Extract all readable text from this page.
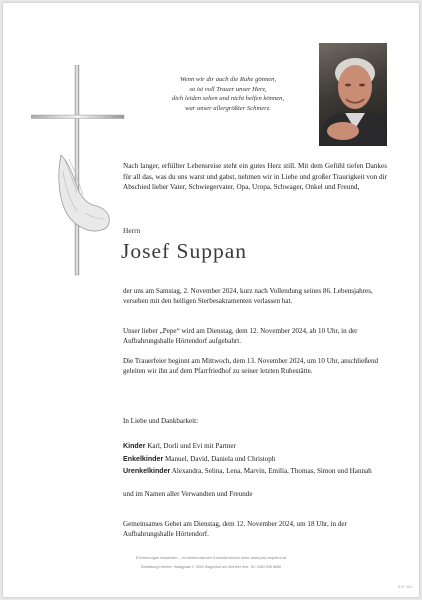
Wenn wir dir auch die Ruhe gönnen,
so ist voll Trauer unser Herz,
dich leiden sehen und nicht helfen können,
war unser allergrößter Schmerz.
Nach langer, erfüllter Lebensreise steht ein gutes Herz still. Mit dem Gefühl tiefen Dankes für all das, was du uns warst und gabst, nehmen wir in Liebe und großer Traurigkeit von dir Abschied lieber Vater, Schwiegervater, Opa, Uropa, Schwager, Onkel und Freund,
Herrn
Josef Suppan
der uns am Samstag, 2. November 2024, kurz nach Vollendung seines 86. Lebensjahres, versehen mit den heiligen Sterbesakramenten verlassen hat.
Unser lieber „Pepe“ wird am Dienstag, dem 12. November 2024, ab 10 Uhr, in der Aufbahrungshalle Hörtendorf aufgebahrt.
Die Trauerfeier beginnt am Mittwoch, dem 13. November 2024, um 10 Uhr, anschließend geleiten wir ihn auf dem Pfarrfriedhof zu seiner letzten Ruhestätte.
In Liebe und Dankbarkeit:
Kinder Karl, Dorli und Evi mit Partner
Enkelkinder Manuel, David, Daniela und Christoph
Urenkelkinder Alexandra, Selina, Lena, Marvin, Emilia, Thomas, Simon und Hannah
und im Namen aller Verwandten und Freunde
Gemeinsames Gebet am Dienstag, dem 12. November 2024, um 18 Uhr, in der Aufbahrungshalle Hörtendorf.
Erinnerungen bewahren – im elektronischen Kondolenzbuch unter www.pax-requiem.at
Bestattung Kärnten, Waagplatz 2, 9020 Klagenfurt am Wörther See, Tel. 0463 596 8888
B 57 V6/1
